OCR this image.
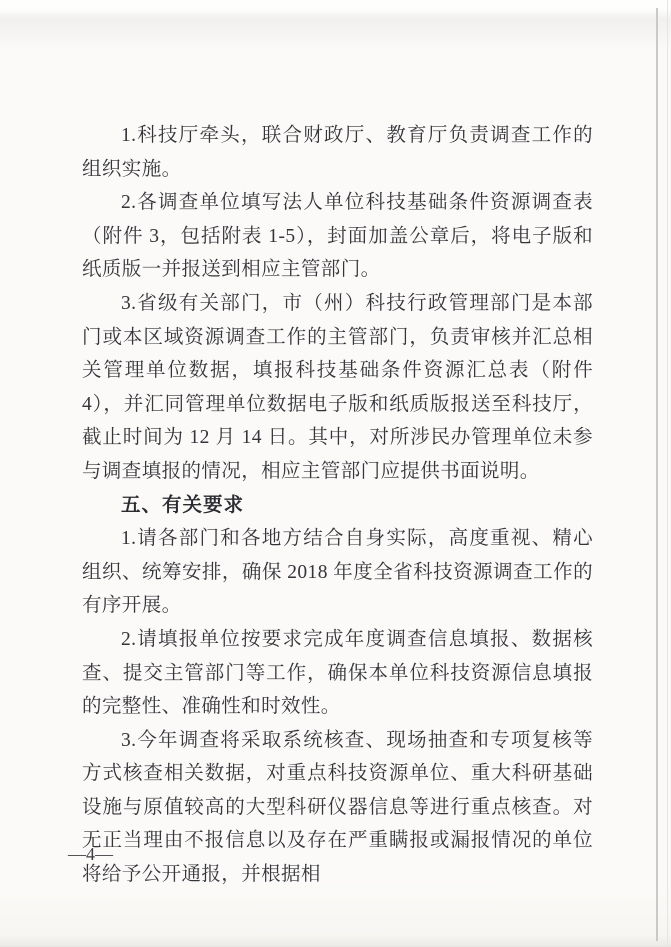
1.科技厅牵头，联合财政厅、教育厅负责调查工作的组织实施。

2.各调查单位填写法人单位科技基础条件资源调查表（附件 3，包括附表 1-5），封面加盖公章后，将电子版和纸质版一并报送到相应主管部门。

3.省级有关部门，市（州）科技行政管理部门是本部门或本区域资源调查工作的主管部门，负责审核并汇总相关管理单位数据，填报科技基础条件资源汇总表（附件 4），并汇同管理单位数据电子版和纸质版报送至科技厅，截止时间为 12 月 14 日。其中，对所涉民办管理单位未参与调查填报的情况，相应主管部门应提供书面说明。

五、有关要求

1.请各部门和各地方结合自身实际，高度重视、精心组织、统筹安排，确保 2018 年度全省科技资源调查工作的有序开展。

2.请填报单位按要求完成年度调查信息填报、数据核查、提交主管部门等工作，确保本单位科技资源信息填报的完整性、准确性和时效性。

3.今年调查将采取系统核查、现场抽查和专项复核等方式核查相关数据，对重点科技资源单位、重大科研基础设施与原值较高的大型科研仪器信息等进行重点核查。对无正当理由不报信息以及存在严重瞒报或漏报情况的单位将给予公开通报，并根据相

—4—
